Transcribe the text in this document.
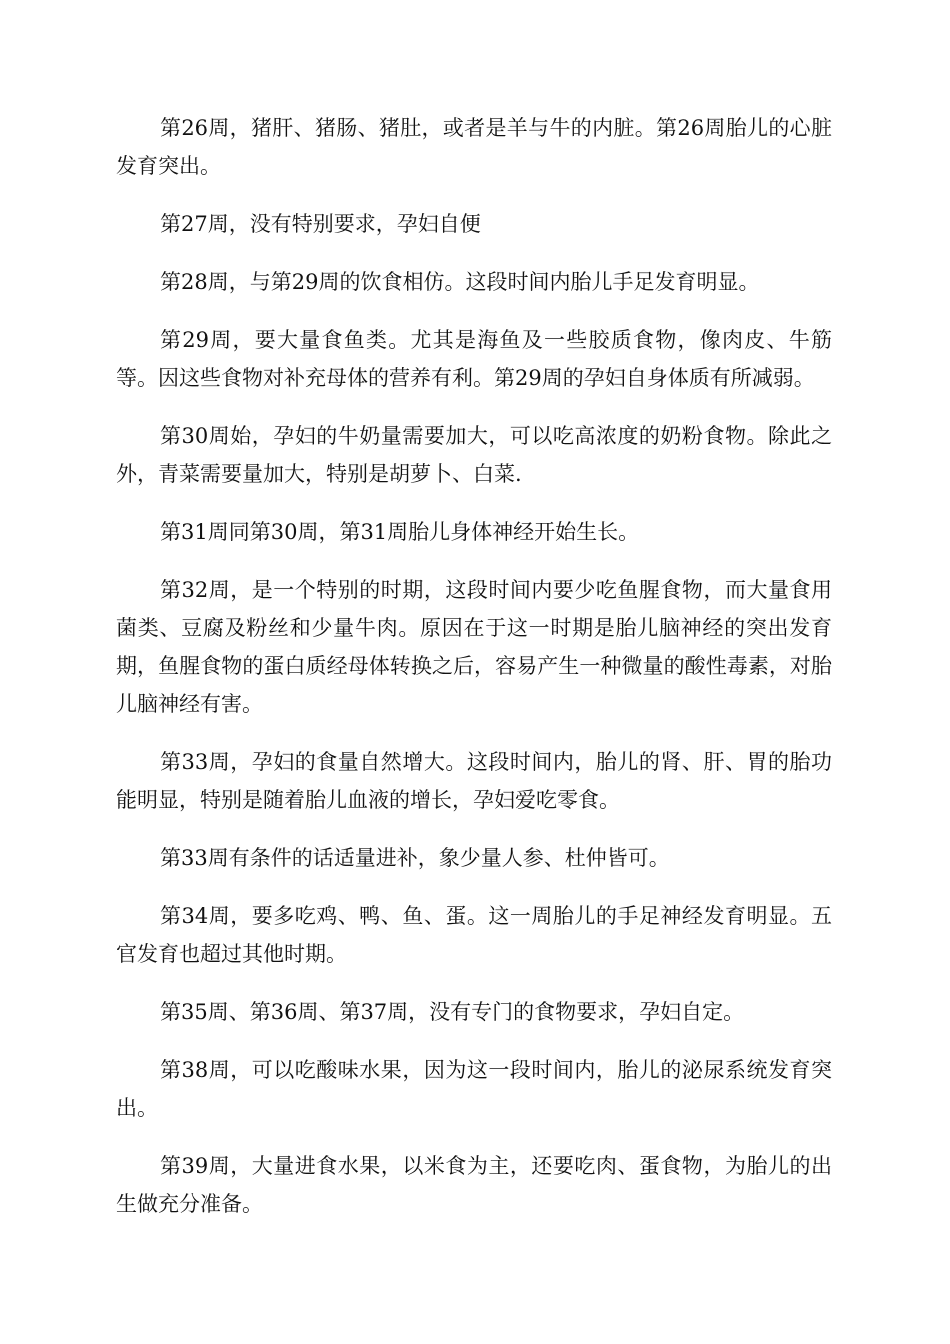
第26周，猪肝、猪肠、猪肚，或者是羊与牛的内脏。第26周胎儿的心脏发育突出。

第27周，没有特别要求，孕妇自便

第28周，与第29周的饮食相仿。这段时间内胎儿手足发育明显。

第29周，要大量食鱼类。尤其是海鱼及一些胶质食物，像肉皮、牛筋等。因这些食物对补充母体的营养有利。第29周的孕妇自身体质有所减弱。

第30周始，孕妇的牛奶量需要加大，可以吃高浓度的奶粉食物。除此之外，青菜需要量加大，特别是胡萝卜、白菜.

第31周同第30周，第31周胎儿身体神经开始生长。

第32周，是一个特别的时期，这段时间内要少吃鱼腥食物，而大量食用菌类、豆腐及粉丝和少量牛肉。原因在于这一时期是胎儿脑神经的突出发育期，鱼腥食物的蛋白质经母体转换之后，容易产生一种微量的酸性毒素，对胎儿脑神经有害。

第33周，孕妇的食量自然增大。这段时间内，胎儿的肾、肝、胃的胎功能明显，特别是随着胎儿血液的增长，孕妇爱吃零食。

第33周有条件的话适量进补，象少量人参、杜仲皆可。

第34周，要多吃鸡、鸭、鱼、蛋。这一周胎儿的手足神经发育明显。五官发育也超过其他时期。

第35周、第36周、第37周，没有专门的食物要求，孕妇自定。

第38周，可以吃酸味水果，因为这一段时间内，胎儿的泌尿系统发育突出。

第39周，大量进食水果，以米食为主，还要吃肉、蛋食物，为胎儿的出生做充分准备。
